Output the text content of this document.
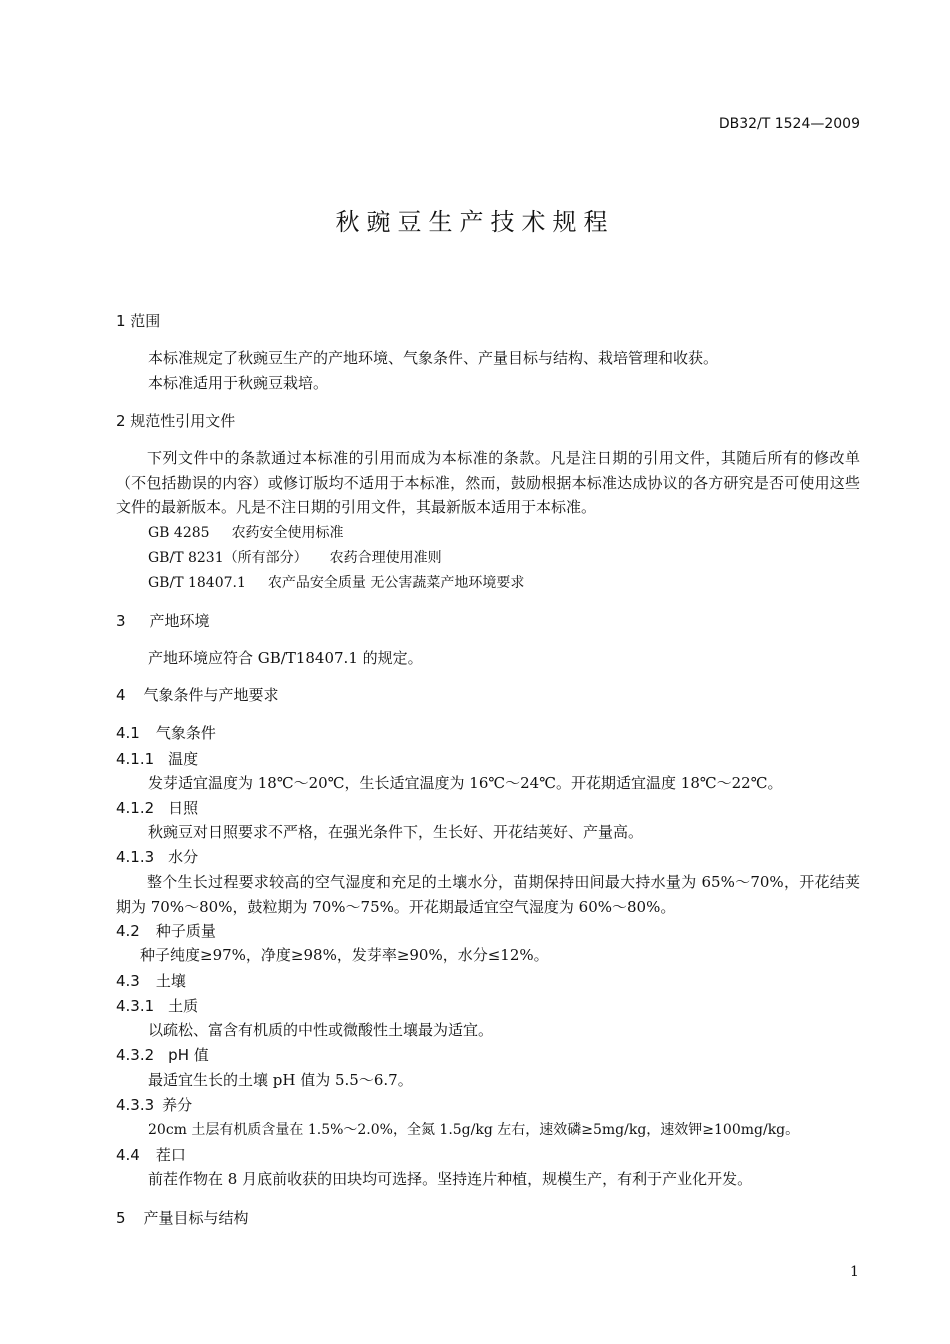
DB32/T 1524—2009
秋豌豆生产技术规程
1 范围
本标准规定了秋豌豆生产的产地环境、气象条件、产量目标与结构、栽培管理和收获。
本标准适用于秋豌豆栽培。
2 规范性引用文件
下列文件中的条款通过本标准的引用而成为本标准的条款。凡是注日期的引用文件，其随后所有的修改单（不包括勘误的内容）或修订版均不适用于本标准，然而，鼓励根据本标准达成协议的各方研究是否可使用这些文件的最新版本。凡是不注日期的引用文件，其最新版本适用于本标准。
GB 4285 农药安全使用标准
GB/T 8231（所有部分） 农药合理使用准则
GB/T 18407.1 农产品安全质量 无公害蔬菜产地环境要求
3 产地环境
产地环境应符合 GB/T18407.1 的规定。
4 气象条件与产地要求
4.1 气象条件
4.1.1 温度
发芽适宜温度为 18℃～20℃，生长适宜温度为 16℃～24℃。开花期适宜温度 18℃～22℃。
4.1.2 日照
秋豌豆对日照要求不严格，在强光条件下，生长好、开花结荚好、产量高。
4.1.3 水分
整个生长过程要求较高的空气湿度和充足的土壤水分，苗期保持田间最大持水量为 65%～70%，开花结荚期为 70%～80%，鼓粒期为 70%～75%。开花期最适宜空气湿度为 60%～80%。
4.2 种子质量
种子纯度≥97%，净度≥98%，发芽率≥90%，水分≤12%。
4.3 土壤
4.3.1 土质
以疏松、富含有机质的中性或微酸性土壤最为适宜。
4.3.2 pH 值
最适宜生长的土壤 pH 值为 5.5～6.7。
4.3.3 养分
20cm 土层有机质含量在 1.5%～2.0%，全氮 1.5g/kg 左右，速效磷≥5mg/kg，速效钾≥100mg/kg。
4.4 茬口
前茬作物在 8 月底前收获的田块均可选择。坚持连片种植，规模生产，有利于产业化开发。
5 产量目标与结构
1
